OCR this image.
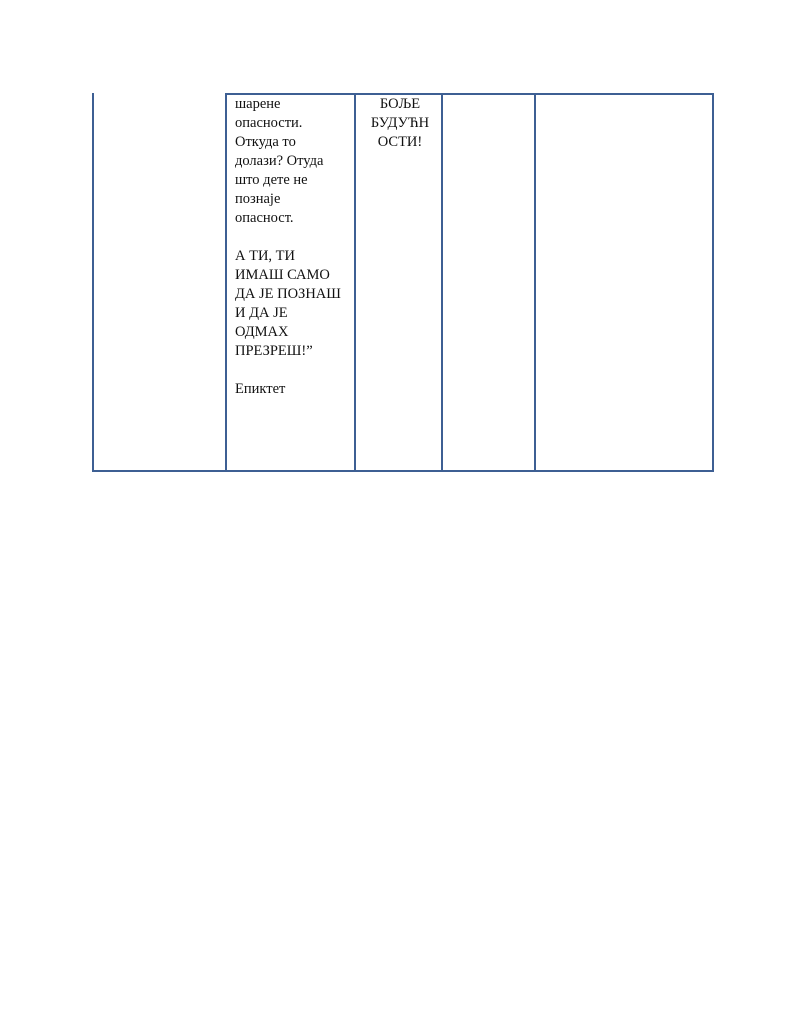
шарене

опасности.

Откуда то

долази? Отуда

што дете не

познаје

опасност.

А ТИ, ТИ

ИМАШ САМО

ДА ЈЕ ПОЗНАШ

И ДА ЈЕ

ОДМАХ

ПРЕЗРЕШ!”

Епиктет

БОЉЕ
БУДУЋН
ОСТИ!
